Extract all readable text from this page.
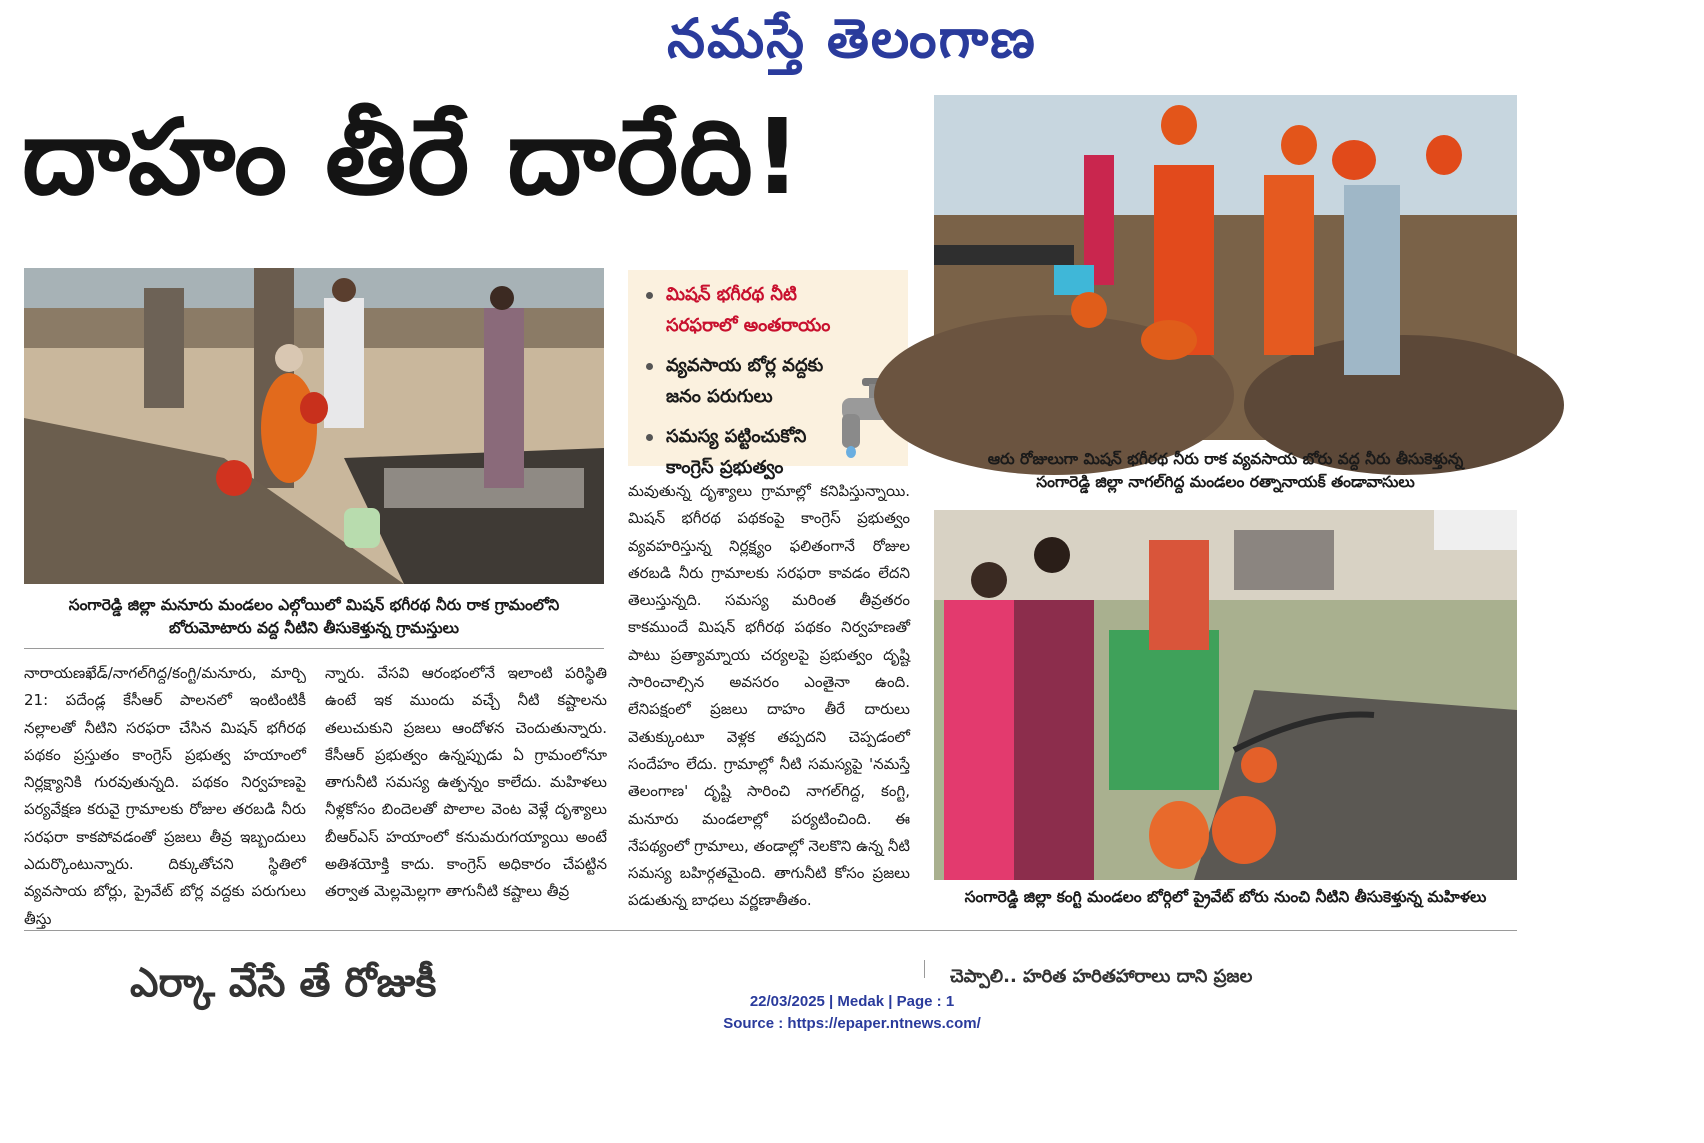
నమస్తే తెలంగాణ
దాహం తీరే దారేది!
సంగారెడ్డి జిల్లా మనూరు మండలం ఎల్గోయిలో మిషన్ భగీరథ నీరు రాక గ్రామంలోని
బోరుమోటారు వద్ద నీటిని తీసుకెళ్తున్న గ్రామస్తులు
మిషన్ భగీరథ నీటి సరఫరాలో అంతరాయం
వ్యవసాయ బోర్ల వద్దకు జనం పరుగులు
సమస్య పట్టించుకోని కాంగ్రెస్ ప్రభుత్వం	ఆరు రోజులుగా మిషన్ భగీరథ నీరు రాక వ్యవసాయ బోరు వద్ద నీరు తీసుకెళ్తున్న
సంగారెడ్డి జిల్లా నాగల్‌గిద్ద మండలం రత్నానాయక్ తండావాసులు
సంగారెడ్డి జిల్లా కంగ్టి మండలం బోర్గిలో ప్రైవేట్ బోరు నుంచి నీటిని తీసుకెళ్తున్న మహిళలు

నారాయణఖేడ్/నాగల్‌గిద్ద/కంగ్టి/మనూరు, మార్చి 21: పదేండ్ల కేసీఆర్ పాలనలో ఇంటింటికీ నల్లాలతో నీటిని సరఫరా చేసిన మిషన్ భగీరథ పథకం ప్రస్తుతం కాంగ్రెస్ ప్రభుత్వ హయాంలో నిర్లక్ష్యానికి గురవుతున్నది. పథకం నిర్వహణపై పర్యవేక్షణ కరువై గ్రామాలకు రోజుల తరబడి నీరు సరఫరా కాకపోవడంతో ప్రజలు తీవ్ర ఇబ్బందులు ఎదుర్కొంటున్నారు. దిక్కుతోచని స్థితిలో వ్యవసాయ బోర్లు, ప్రైవేట్ బోర్ల వద్దకు పరుగులు తీస్తు

న్నారు. వేసవి ఆరంభంలోనే ఇలాంటి పరిస్థితి ఉంటే ఇక ముందు వచ్చే నీటి కష్టాలను తలుచుకుని ప్రజలు ఆందోళన చెందుతున్నారు. కేసీఆర్ ప్రభుత్వం ఉన్నప్పుడు ఏ గ్రామంలోనూ తాగునీటి సమస్య ఉత్పన్నం కాలేదు. మహిళలు నీళ్లకోసం బిందెలతో పొలాల వెంట వెళ్లే దృశ్యాలు బీఆర్ఎస్ హయాంలో కనుమరుగయ్యాయి అంటే అతిశయోక్తి కాదు. కాంగ్రెస్ అధికారం చేపట్టిన తర్వాత మెల్లమెల్లగా తాగునీటి కష్టాలు తీవ్ర

మవుతున్న దృశ్యాలు గ్రామాల్లో కనిపిస్తున్నాయి. మిషన్ భగీరథ పథకంపై కాంగ్రెస్ ప్రభుత్వం వ్యవహరిస్తున్న నిర్లక్ష్యం ఫలితంగానే రోజుల తరబడి నీరు గ్రామాలకు సరఫరా కావడం లేదని తెలుస్తున్నది. సమస్య మరింత తీవ్రతరం కాకముందే మిషన్ భగీరథ పథకం నిర్వహణతో పాటు ప్రత్యామ్నాయ చర్యలపై ప్రభుత్వం దృష్టి సారించాల్సిన అవసరం ఎంతైనా ఉంది. లేనిపక్షంలో ప్రజలు దాహం తీరే దారులు వెతుక్కుంటూ వెళ్లక తప్పదని చెప్పడంలో సందేహం లేదు. గ్రామాల్లో నీటి సమస్యపై 'నమస్తే తెలంగాణ' దృష్టి సారించి నాగల్‌గిద్ద, కంగ్టి, మనూరు మండలాల్లో పర్యటించింది. ఈ నేపథ్యంలో గ్రామాలు, తండాల్లో నెలకొని ఉన్న నీటి సమస్య బహిర్గతమైంది. తాగునీటి కోసం ప్రజలు పడుతున్న బాధలు వర్ణణాతీతం.

ఎర్కా వేసే తే రోజుకీ	చెప్పాలి.. హరిత హరితహారాలు దాని ప్రజల
22/03/2025 | Medak | Page : 1
Source : https://epaper.ntnews.com/
